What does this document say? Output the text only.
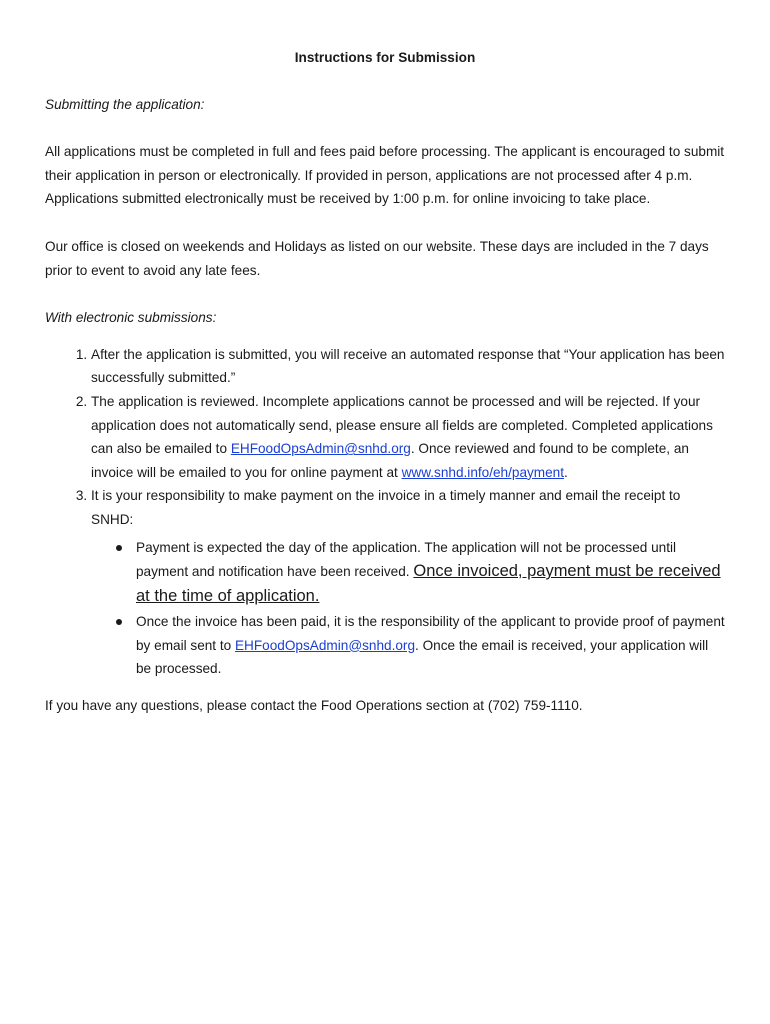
Instructions for Submission
Submitting the application:

All applications must be completed in full and fees paid before processing. The applicant is encouraged to submit their application in person or electronically. If provided in person, applications are not processed after 4 p.m. Applications submitted electronically must be received by 1:00 p.m. for online invoicing to take place.

Our office is closed on weekends and Holidays as listed on our website. These days are included in the 7 days prior to event to avoid any late fees.

With electronic submissions:
1. After the application is submitted, you will receive an automated response that “Your application has been successfully submitted.”
2. The application is reviewed. Incomplete applications cannot be processed and will be rejected. If your application does not automatically send, please ensure all fields are completed. Completed applications can also be emailed to EHFoodOpsAdmin@snhd.org. Once reviewed and found to be complete, an invoice will be emailed to you for online payment at www.snhd.info/eh/payment.
3. It is your responsibility to make payment on the invoice in a timely manner and email the receipt to SNHD:
Payment is expected the day of the application. The application will not be processed until payment and notification have been received. Once invoiced, payment must be received at the time of application.
Once the invoice has been paid, it is the responsibility of the applicant to provide proof of payment by email sent to EHFoodOpsAdmin@snhd.org. Once the email is received, your application will be processed.

If you have any questions, please contact the Food Operations section at (702) 759-1110.
